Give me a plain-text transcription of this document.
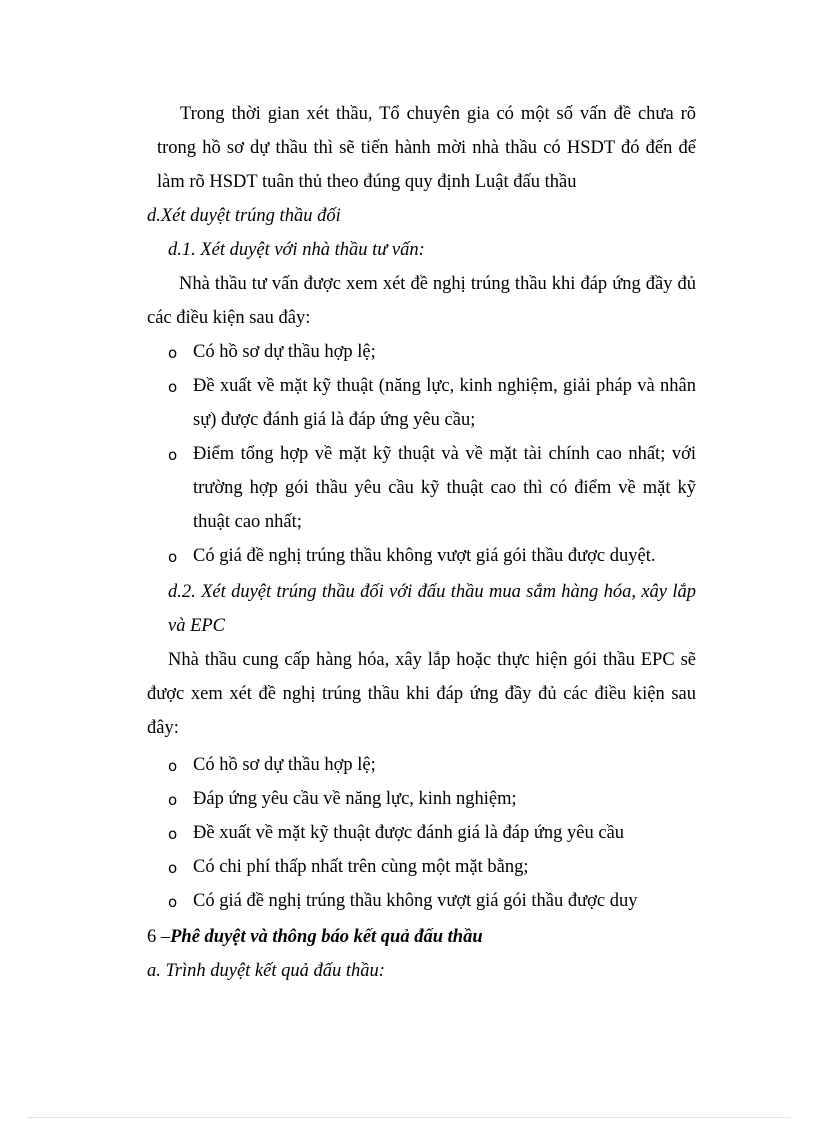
Trong thời gian xét thầu, Tổ chuyên gia có một số vấn đề chưa rõ
trong hồ sơ dự thầu thì sẽ tiến hành mời nhà thầu có HSDT đó đến để
làm rõ HSDT tuân thủ theo đúng quy định Luật đấu thầu
d.Xét duyệt trúng thầu đối
d.1. Xét duyệt với nhà thầu tư vấn:
Nhà thầu tư vấn được xem xét đề nghị trúng thầu khi đáp ứng đầy đủ
các điều kiện sau đây:
o Có hồ sơ dự thầu hợp lệ;
o Đề xuất về mặt kỹ thuật (năng lực, kinh nghiệm, giải pháp và nhân
sự) được đánh giá là đáp ứng yêu cầu;
o Điểm tổng hợp về mặt kỹ thuật và về mặt tài chính cao nhất; với
trường hợp gói thầu yêu cầu kỹ thuật cao thì có điểm về mặt kỹ
thuật cao nhất;
o Có giá đề nghị trúng thầu không vượt giá gói thầu được duyệt.
d.2. Xét duyệt trúng thầu đối với đấu thầu mua sắm hàng hóa, xây lắp
và EPC
Nhà thầu cung cấp hàng hóa, xây lắp hoặc thực hiện gói thầu EPC sẽ
được xem xét đề nghị trúng thầu khi đáp ứng đầy đủ các điều kiện sau
đây:
o Có hồ sơ dự thầu hợp lệ;
o Đáp ứng yêu cầu về năng lực, kinh nghiệm;
o Đề xuất về mặt kỹ thuật được đánh giá là đáp ứng yêu cầu
o Có chi phí thấp nhất trên cùng một mặt bằng;
o Có giá đề nghị trúng thầu không vượt giá gói thầu được duy
6 –Phê duyệt và thông báo kết quả đấu thầu
a. Trình duyệt kết quả đấu thầu:
